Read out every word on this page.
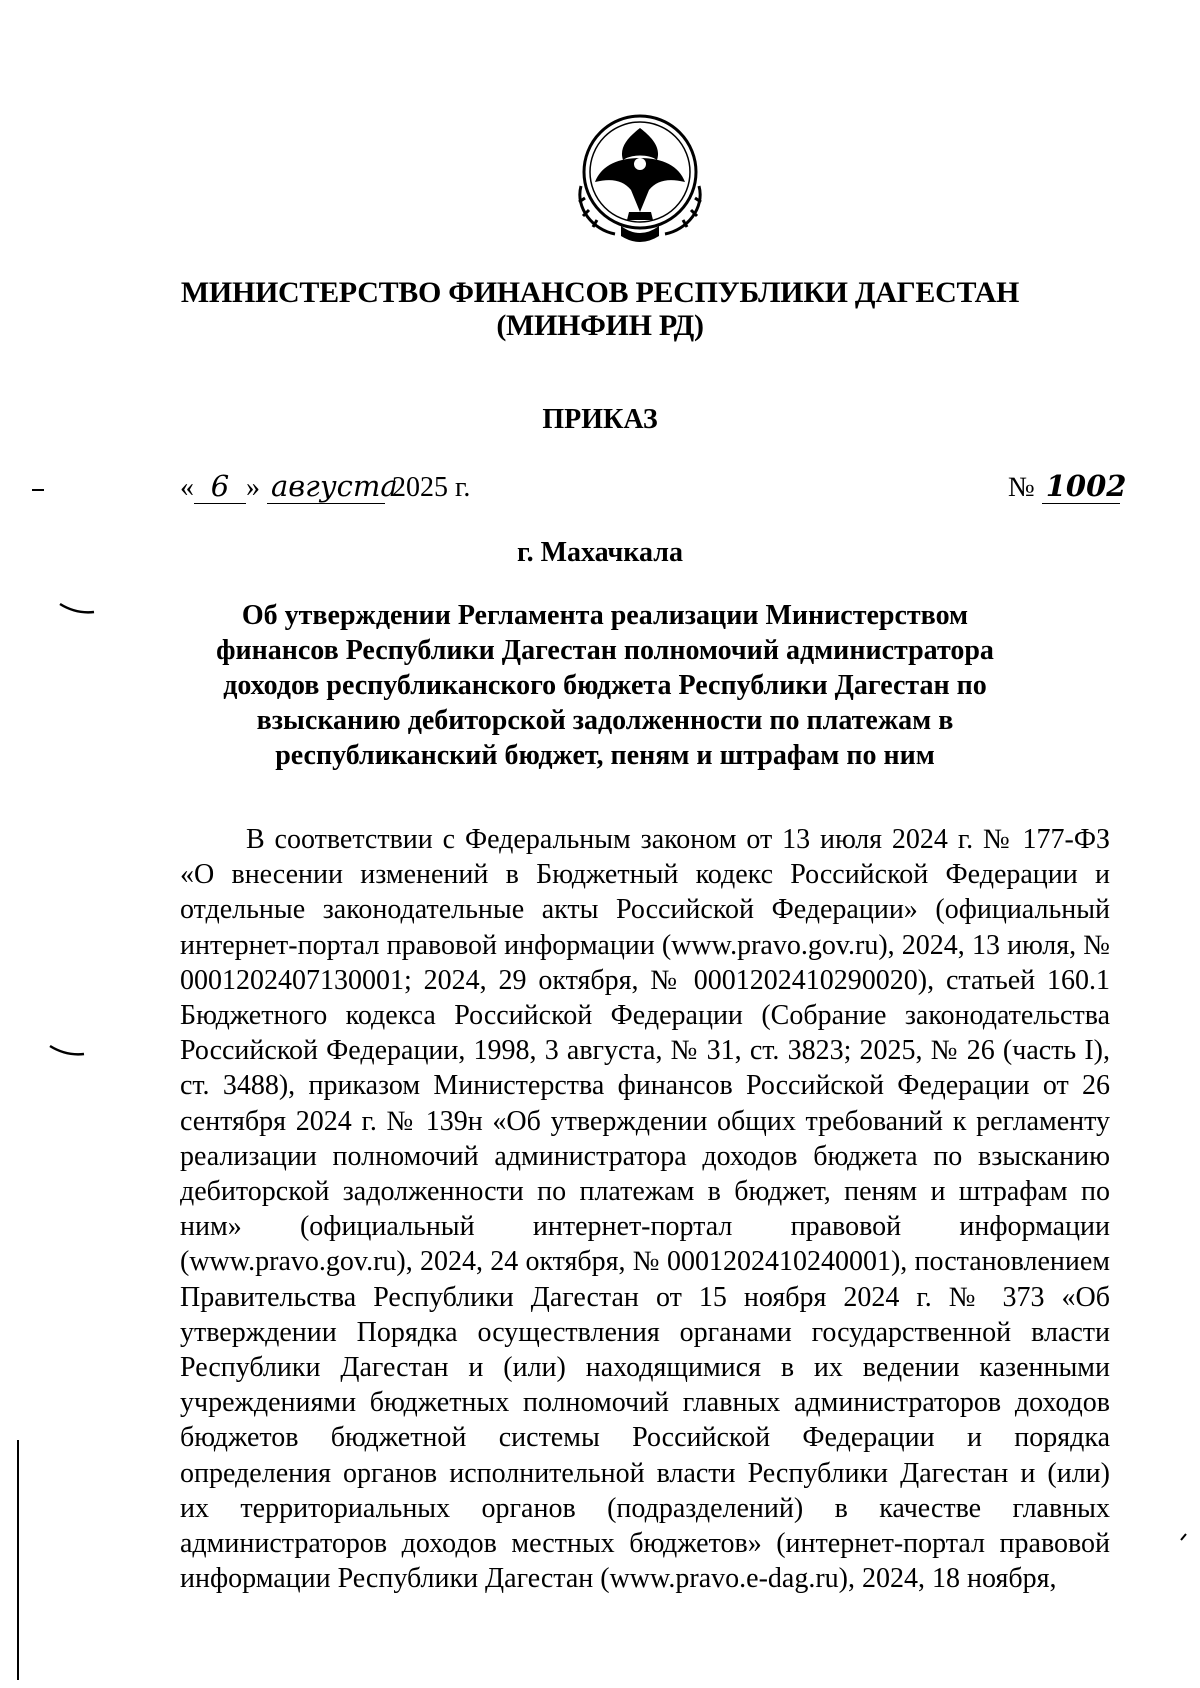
МИНИСТЕРСТВО ФИНАНСОВ РЕСПУБЛИКИ ДАГЕСТАН
(МИНФИН РД)
ПРИКАЗ
« 6 » августа 2025 г.	№ 1002
г. Махачкала
Об утверждении Регламента реализации Министерством финансов Республики Дагестан полномочий администратора доходов республиканского бюджета Республики Дагестан по взысканию дебиторской задолженности по платежам в республиканский бюджет, пеням и штрафам по ним
В соответствии с Федеральным законом от 13 июля 2024 г. № 177-ФЗ «О внесении изменений в Бюджетный кодекс Российской Федерации и отдельные законодательные акты Российской Федерации» (официальный интернет-портал правовой информации (www.pravo.gov.ru), 2024, 13 июля, № 0001202407130001; 2024, 29 октября, № 0001202410290020), статьей 160.1 Бюджетного кодекса Российской Федерации (Собрание законодательства Российской Федерации, 1998, 3 августа, № 31, ст. 3823; 2025, № 26 (часть I), ст. 3488), приказом Министерства финансов Российской Федерации от 26 сентября 2024 г. № 139н «Об утверждении общих требований к регламенту реализации полномочий администратора доходов бюджета по взысканию дебиторской задолженности по платежам в бюджет, пеням и штрафам по ним» (официальный интернет-портал правовой информации (www.pravo.gov.ru), 2024, 24 октября, № 0001202410240001), постановлением Правительства Республики Дагестан от 15 ноября 2024 г. № 373 «Об утверждении Порядка осуществления органами государственной власти Республики Дагестан и (или) находящимися в их ведении казенными учреждениями бюджетных полномочий главных администраторов доходов бюджетов бюджетной системы Российской Федерации и порядка определения органов исполнительной власти Республики Дагестан и (или) их территориальных органов (подразделений) в качестве главных администраторов доходов местных бюджетов» (интернет-портал правовой информации Республики Дагестан (www.pravo.e-dag.ru), 2024, 18 ноября,
